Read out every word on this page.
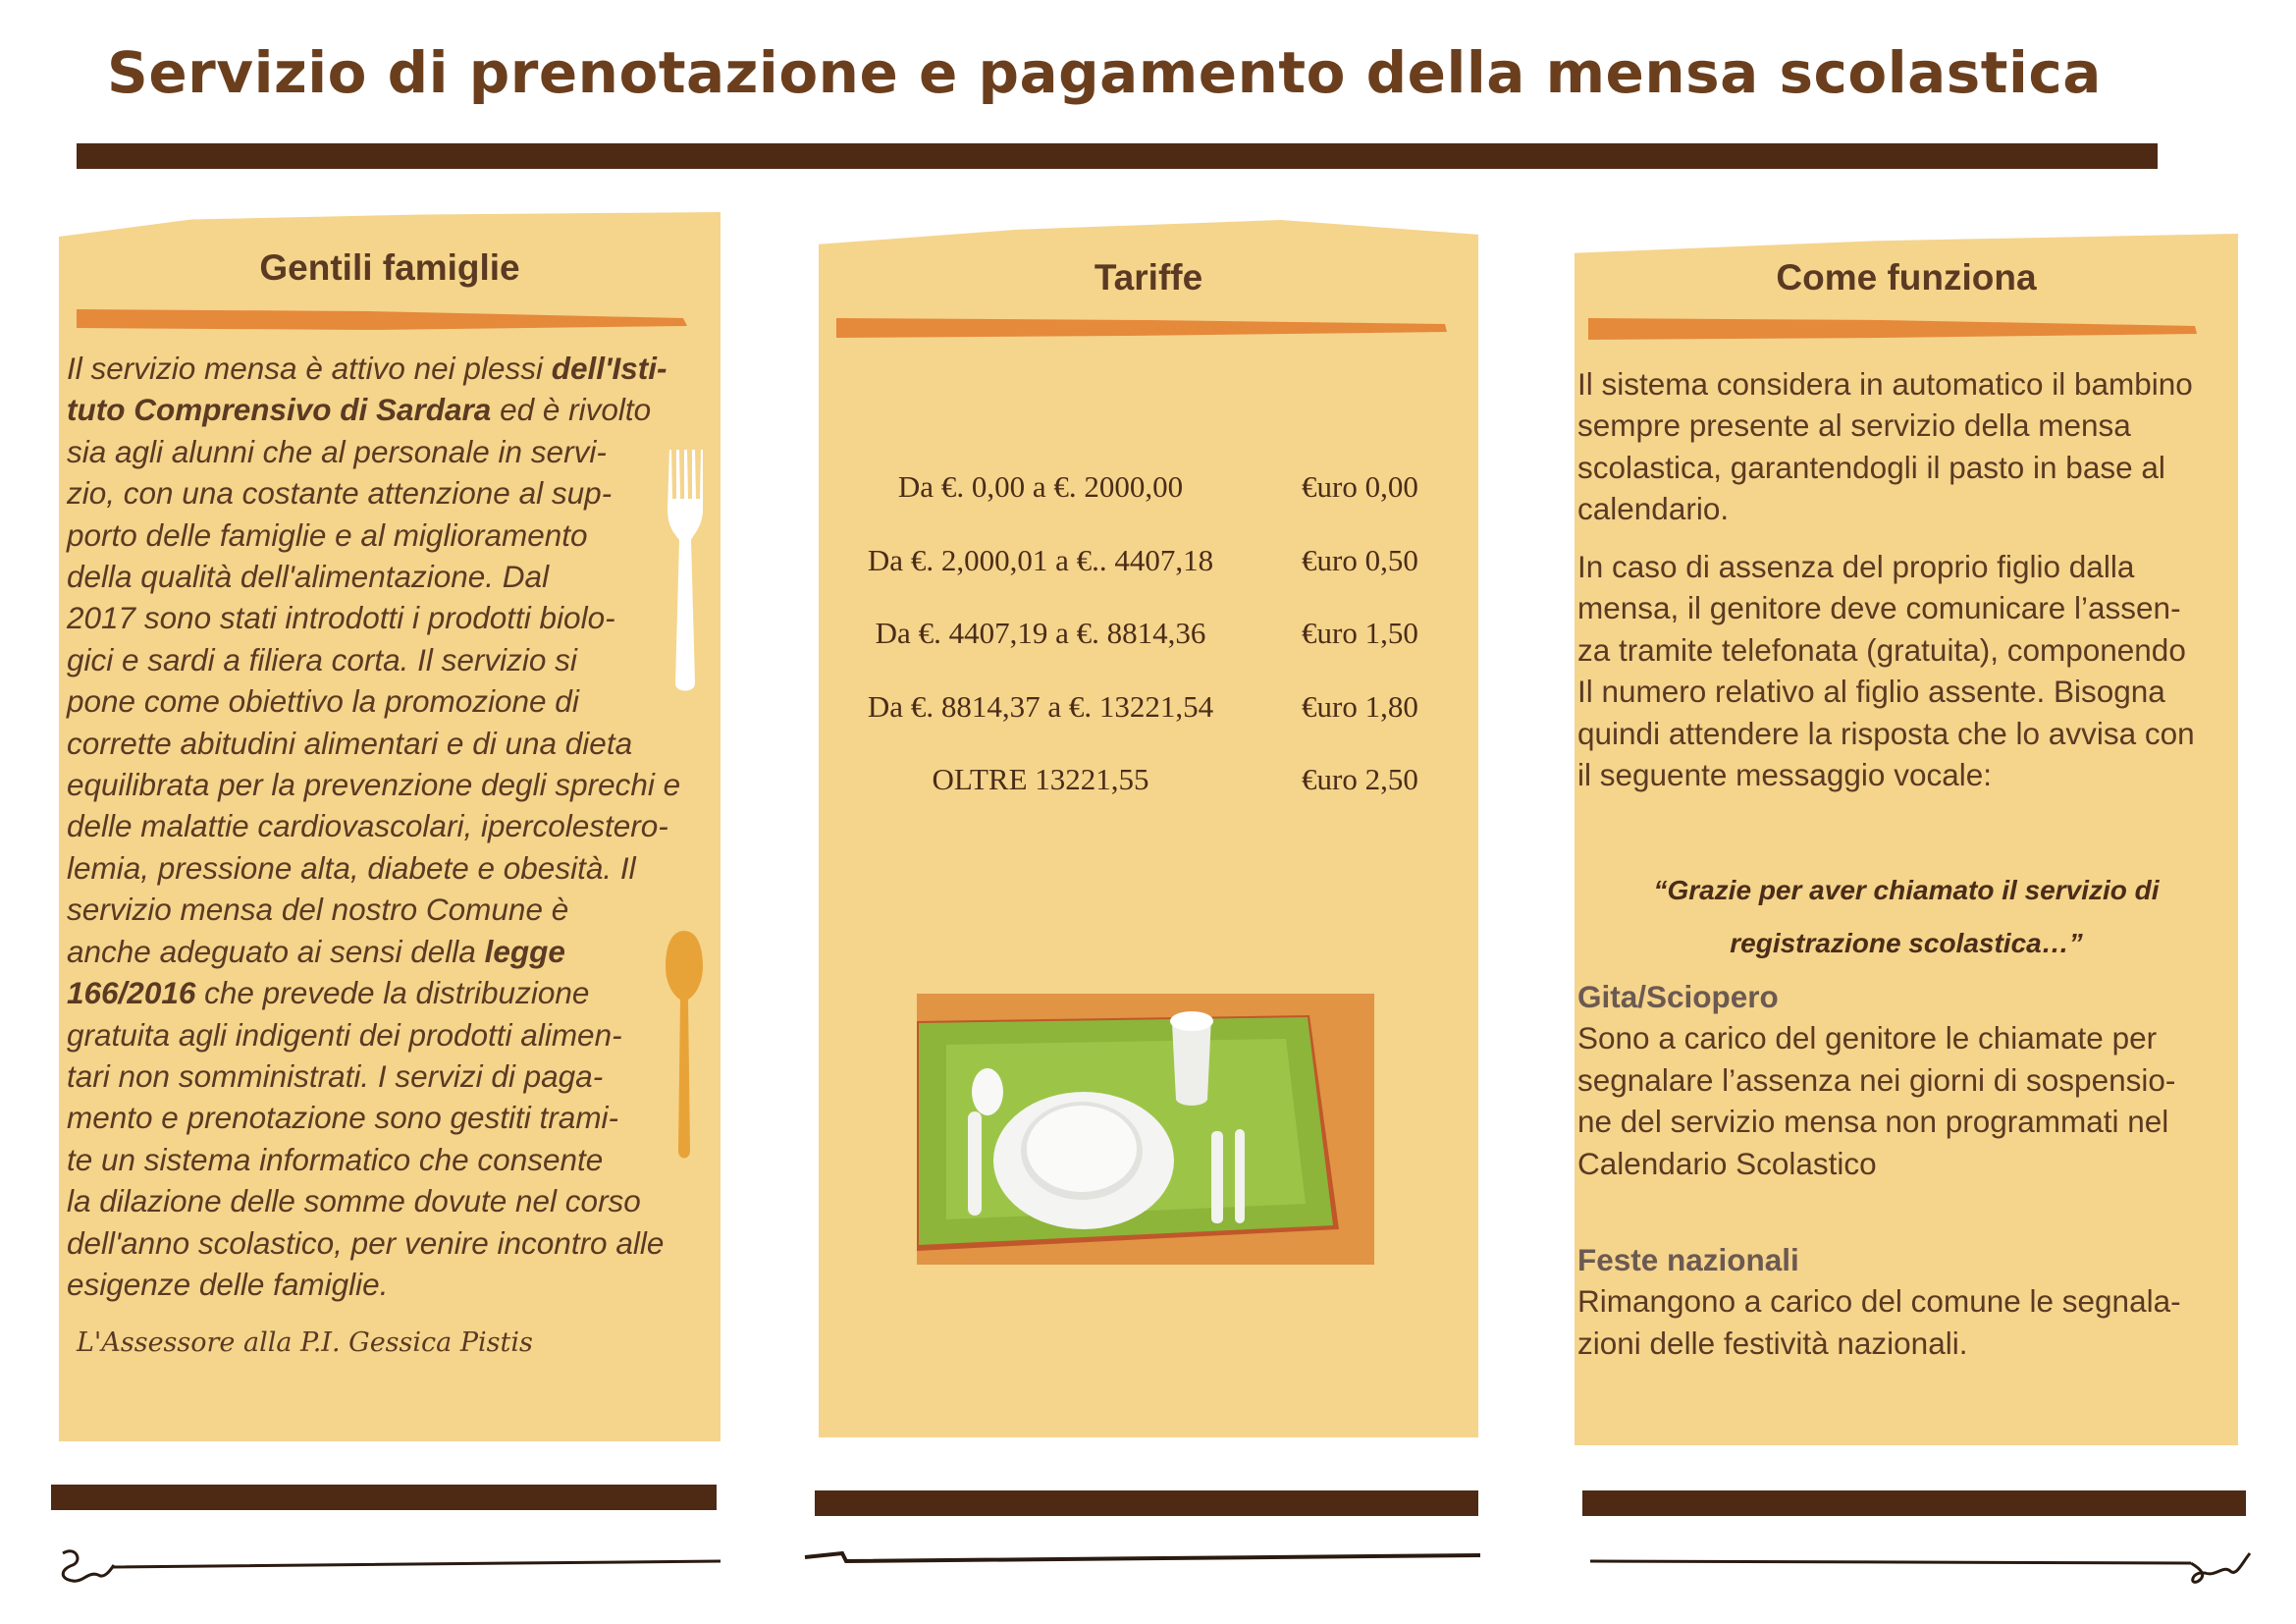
Servizio di prenotazione e pagamento della mensa scolastica
Gentili famiglie
Il servizio mensa è attivo nei plessi dell'Isti-
tuto Comprensivo di Sardara ed è rivolto
sia agli alunni che al personale in servi-
zio, con una costante attenzione al sup-
porto delle famiglie e al miglioramento
della qualità dell'alimentazione. Dal
2017 sono stati introdotti i prodotti biolo-
gici e sardi a filiera corta. Il servizio si
pone come obiettivo la promozione di
corrette abitudini alimentari e di una dieta
equilibrata per la prevenzione degli sprechi e
delle malattie cardiovascolari, ipercolestero-
lemia, pressione alta, diabete e obesità. Il
servizio mensa del nostro Comune è
anche adeguato ai sensi della legge
166/2016 che prevede la distribuzione
gratuita agli indigenti dei prodotti alimen-
tari non somministrati. I servizi di paga-
mento e prenotazione sono gestiti trami-
te un sistema informatico che consente
la dilazione delle somme dovute nel corso
dell'anno scolastico, per venire incontro alle
esigenze delle famiglie.
L'Assessore alla P.I. Gessica Pistis
Tariffe
Da €. 0,00 a €. 2000,00	€uro 0,00
Da €. 2,000,01 a €.. 4407,18	€uro 0,50
Da €. 4407,19 a €. 8814,36	€uro 1,50
Da €. 8814,37 a €. 13221,54	€uro 1,80
OLTRE 13221,55	€uro 2,50
Come funziona
Il sistema considera in automatico il bambino
sempre presente al servizio della mensa
scolastica, garantendogli il pasto in base al
calendario.
In caso di assenza del proprio figlio dalla
mensa, il genitore deve comunicare l’assen-
za tramite telefonata (gratuita), componendo
Il numero relativo al figlio assente. Bisogna
quindi attendere la risposta che lo avvisa con
il seguente messaggio vocale:
“Grazie per aver chiamato il servizio di
registrazione scolastica…”
Gita/Sciopero
Sono a carico del genitore le chiamate per
segnalare l’assenza nei giorni di sospensio-
ne del servizio mensa non programmati nel
Calendario Scolastico
Feste nazionali
Rimangono a carico del comune le segnala-
zioni delle festività nazionali.
